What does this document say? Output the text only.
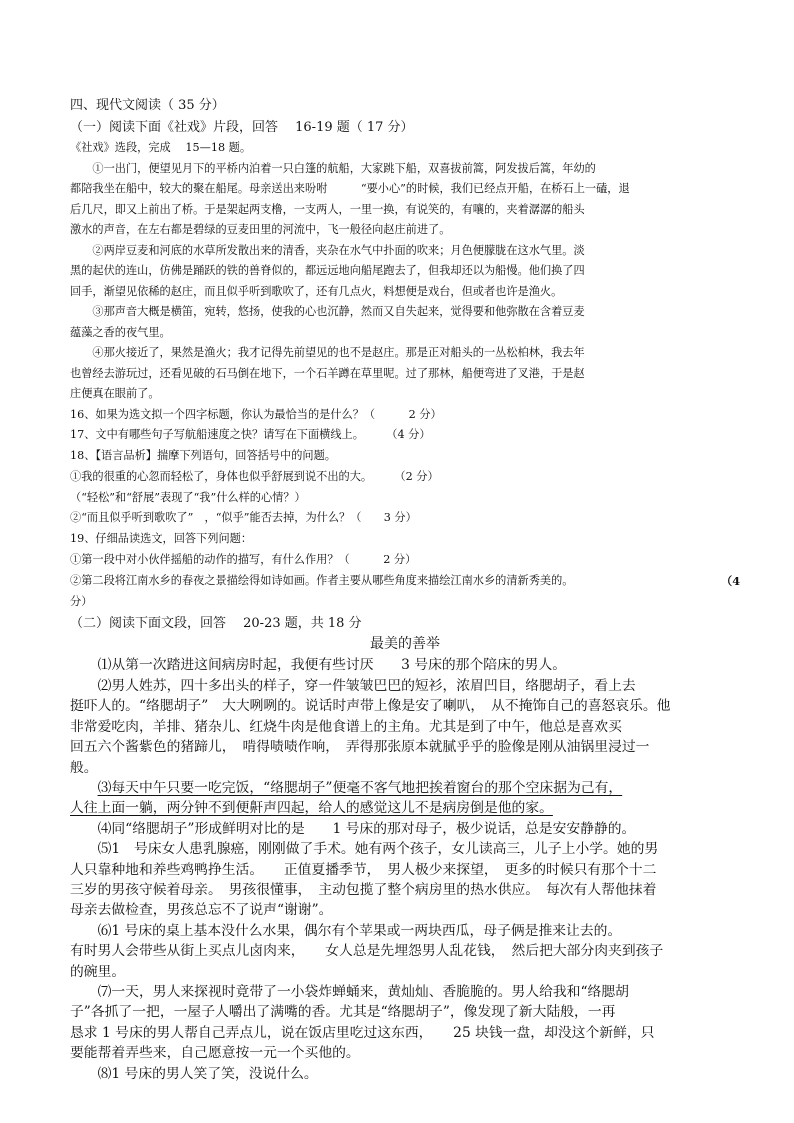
四、现代文阅读（ 35 分）

（一）阅读下面《社戏》片段，回答　 16-19 题（ 17 分）

《社戏》选段，完成　 15—18 题。

①一出门，便望见月下的平桥内泊着一只白篷的航船，大家跳下船，双喜拔前篙，阿发拔后篙，年幼的

都陪我坐在船中，较大的聚在船尾。母亲送出来吩咐　　　“要小心”的时候，我们已经点开船，在桥石上一磕，退

后几尺，即又上前出了桥。于是架起两支橹，一支两人，一里一换，有说笑的，有嚷的，夹着潺潺的船头

激水的声音，在左右都是碧绿的豆麦田里的河流中，飞一般径向赵庄前进了。

②两岸豆麦和河底的水草所发散出来的清香，夹杂在水气中扑面的吹来；月色便朦胧在这水气里。淡

黑的起伏的连山，仿佛是踊跃的铁的兽脊似的，都远远地向船尾跑去了，但我却还以为船慢。他们换了四

回手，渐望见依稀的赵庄，而且似乎听到歌吹了，还有几点火，料想便是戏台，但或者也许是渔火。

③那声音大概是横笛，宛转，悠扬，使我的心也沉静，然而又自失起来，觉得要和他弥散在含着豆麦

蕴藻之香的夜气里。

④那火接近了，果然是渔火；我才记得先前望见的也不是赵庄。那是正对船头的一丛松柏林，我去年

也曾经去游玩过，还看见破的石马倒在地下，一个石羊蹲在草里呢。过了那林，船便弯进了叉港，于是赵

庄便真在眼前了。

16、如果为选文拟一个四字标题，你认为最恰当的是什么？（　　　2 分）

17、文中有哪些句子写航船速度之快？请写在下面横线上。　　　（4 分）

18、【语言品析】揣摩下列语句，回答括号中的问题。

①我的很重的心忽而轻松了，身体也似乎舒展到说不出的大。　　　（2 分）

（“轻松”和“舒展”表现了“我”什么样的心情？）

②“而且似乎听到歌吹了”　，“似乎”能否去掉，为什么？（　　3 分）

19、仔细品读选文，回答下列问题：

①第一段中对小伙伴摇船的动作的描写，有什么作用？（　　　2 分）

②第二段将江南水乡的春夜之景描绘得如诗如画。作者主要从哪些角度来描绘江南水乡的清新秀美的。	（4

分）

（二）阅读下面文段，回答　 20-23 题，共 18 分

最美的善举

⑴从第一次踏进这间病房时起，我便有些讨厌　　3 号床的那个陪床的男人。

⑵男人姓苏，四十多出头的样子，穿一件皱皱巴巴的短衫，浓眉凹目，络腮胡子，看上去

挺吓人的。“络腮胡子”　大大咧咧的。说话时声带上像是安了喇叭，　从不掩饰自己的喜怒哀乐。他

非常爱吃肉，羊排、猪杂儿、红烧牛肉是他食谱上的主角。尤其是到了中午，他总是喜欢买

回五六个酱紫色的猪蹄儿，　啃得啧啧作响，　弄得那张原本就腻乎乎的脸像是刚从油锅里浸过一

般。

⑶每天中午只要一吃完饭，“络腮胡子”便毫不客气地把挨着窗台的那个空床据为己有，

人往上面一躺，两分钟不到便鼾声四起，给人的感觉这儿不是病房倒是他的家。

⑷同“络腮胡子”形成鲜明对比的是　　1 号床的那对母子，极少说话，总是安安静静的。

⑸1　号床女人患乳腺癌，刚刚做了手术。她有两个孩子，女儿读高三，儿子上小学。她的男

人只靠种地和养些鸡鸭挣生活。　　正值夏播季节，　男人极少来探望，　更多的时候只有那个十二

三岁的男孩守候着母亲。　男孩很懂事，　主动包揽了整个病房里的热水供应。　每次有人帮他抹着

母亲去做检查，男孩总忘不了说声“谢谢”。

⑹1 号床的桌上基本没什么水果，偶尔有个苹果或一两块西瓜，母子俩是推来让去的。

有时男人会带些从街上买点儿卤肉来，　　女人总是先埋怨男人乱花钱，　然后把大部分肉夹到孩子

的碗里。

⑺一天，男人来探视时竟带了一小袋炸蝉蛹来，黄灿灿、香脆脆的。男人给我和“络腮胡

子”各抓了一把，一屋子人嚼出了满嘴的香。尤其是“络腮胡子”，像发现了新大陆般，一再

恳求 1 号床的男人帮自己弄点儿，说在饭店里吃过这东西，　　25 块钱一盘，却没这个新鲜，只

要能帮着弄些来，自己愿意按一元一个买他的。

⑻1 号床的男人笑了笑，没说什么。
